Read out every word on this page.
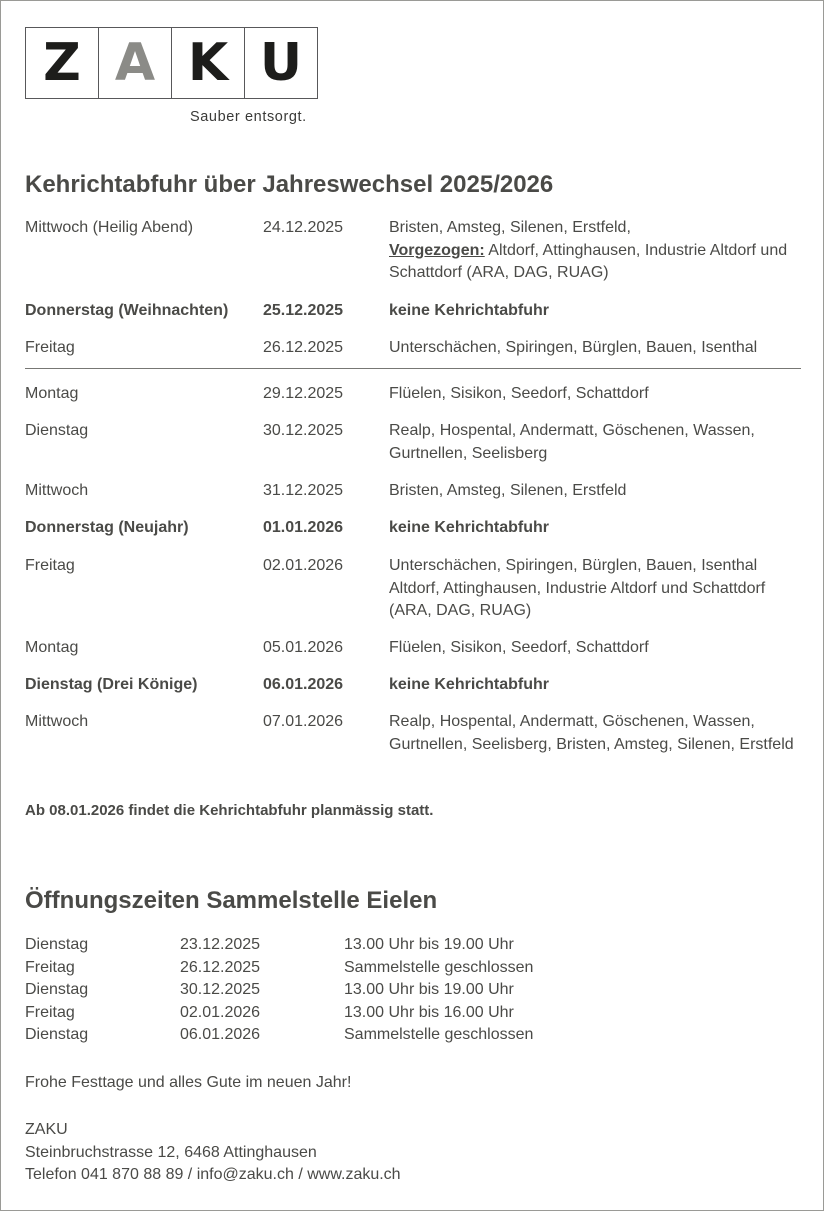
Z A K U
Sauber entsorgt.
Kehrichtabfuhr über Jahreswechsel 2025/2026
Mittwoch (Heilig Abend)	24.12.2025	Bristen, Amsteg, Silenen, Erstfeld,
Vorgezogen: Altdorf, Attinghausen, Industrie Altdorf und Schattdorf (ARA, DAG, RUAG)
Donnerstag (Weihnachten) 25.12.2025	keine Kehrichtabfuhr
Freitag	26.12.2025	Unterschächen, Spiringen, Bürglen, Bauen, Isenthal
Montag	29.12.2025	Flüelen, Sisikon, Seedorf, Schattdorf
Dienstag	30.12.2025	Realp, Hospental, Andermatt, Göschenen, Wassen, Gurtnellen, Seelisberg
Mittwoch	31.12.2025	Bristen, Amsteg, Silenen, Erstfeld
Donnerstag (Neujahr)	01.01.2026	keine Kehrichtabfuhr
Freitag	02.01.2026	Unterschächen, Spiringen, Bürglen, Bauen, Isenthal Altdorf, Attinghausen, Industrie Altdorf und Schattdorf (ARA, DAG, RUAG)
Montag	05.01.2026	Flüelen, Sisikon, Seedorf, Schattdorf
Dienstag (Drei Könige)	06.01.2026	keine Kehrichtabfuhr
Mittwoch	07.01.2026	Realp, Hospental, Andermatt, Göschenen, Wassen, Gurtnellen, Seelisberg, Bristen, Amsteg, Silenen, Erstfeld
Ab 08.01.2026 findet die Kehrichtabfuhr planmässig statt.
Öffnungszeiten Sammelstelle Eielen
Dienstag	23.12.2025	13.00 Uhr bis 19.00 Uhr
Freitag	26.12.2025	Sammelstelle geschlossen
Dienstag	30.12.2025	13.00 Uhr bis 19.00 Uhr
Freitag	02.01.2026	13.00 Uhr bis 16.00 Uhr
Dienstag	06.01.2026	Sammelstelle geschlossen
Frohe Festtage und alles Gute im neuen Jahr!
ZAKU
Steinbruchstrasse 12, 6468 Attinghausen
Telefon 041 870 88 89 / info@zaku.ch / www.zaku.ch
